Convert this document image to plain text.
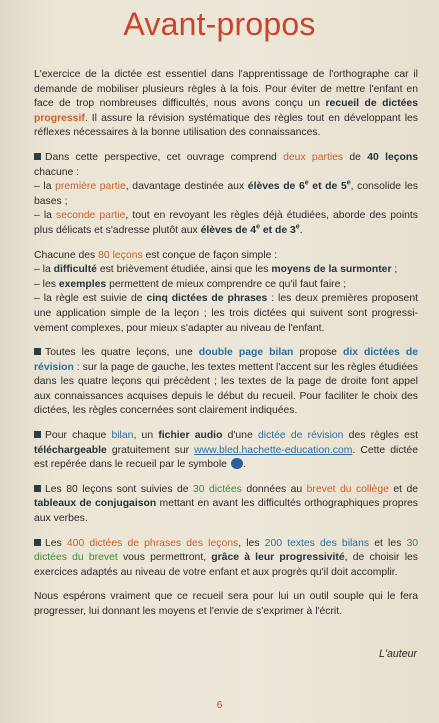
Avant-propos

L'exercice de la dictée est essentiel dans l'apprentissage de l'orthographe car il demande de mobiliser plusieurs règles à la fois. Pour éviter de mettre l'enfant en face de trop nombreuses difficultés, nous avons conçu un recueil de dictées progressif. Il assure la révision systématique des règles tout en développant les réflexes nécessaires à la bonne utilisation des connaissances.

Dans cette perspective, cet ouvrage comprend deux parties de 40 leçons chacune :
– la première partie, davantage destinée aux élèves de 6e et de 5e, consolide les bases ;
– la seconde partie, tout en revoyant les règles déjà étudiées, aborde des points plus délicats et s'adresse plutôt aux élèves de 4e et de 3e.

Chacune des 80 leçons est conçue de façon simple :
– la difficulté est brièvement étudiée, ainsi que les moyens de la surmonter ;
– les exemples permettent de mieux comprendre ce qu'il faut faire ;
– la règle est suivie de cinq dictées de phrases : les deux premières proposent une application simple de la leçon ; les trois dictées qui suivent sont progressivement complexes, pour mieux s'adapter au niveau de l'enfant.

Toutes les quatre leçons, une double page bilan propose dix dictées de révision : sur la page de gauche, les textes mettent l'accent sur les règles étudiées dans les quatre leçons qui précèdent ; les textes de la page de droite font appel aux connaissances acquises depuis le début du recueil. Pour faciliter le choix des dictées, les règles concernées sont clairement indiquées.

Pour chaque bilan, un fichier audio d'une dictée de révision des règles est téléchargeable gratuitement sur www.bled.hachette-education.com. Cette dictée est repérée dans le recueil par le symbole .

Les 80 leçons sont suivies de 30 dictées données au brevet du collège et de tableaux de conjugaison mettant en avant les difficultés orthographiques propres aux verbes.

Les 400 dictées de phrases des leçons, les 200 textes des bilans et les 30 dictées du brevet vous permettront, grâce à leur progressivité, de choisir les exercices adaptés au niveau de votre enfant et aux progrès qu'il doit accomplir.

Nous espérons vraiment que ce recueil sera pour lui un outil souple qui le fera progresser, lui donnant les moyens et l'envie de s'exprimer à l'écrit.

L'auteur
6
